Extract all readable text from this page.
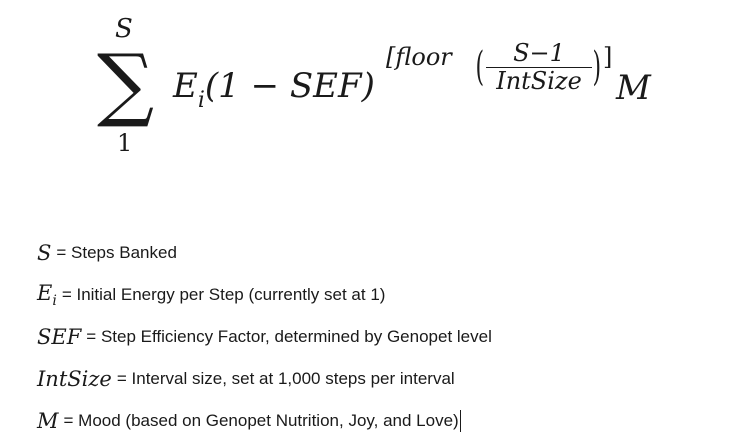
S
∑
1
$E_i(1 - SEF)$
[floor (	S−1
IntSize ) ]
M
S = Steps Banked
$E_i$ = Initial Energy per Step (currently set at 1)
SEF = Step Efficiency Factor, determined by Genopet level
IntSize = Interval size, set at 1,000 steps per interval
M = Mood (based on Genopet Nutrition, Joy, and Love)
